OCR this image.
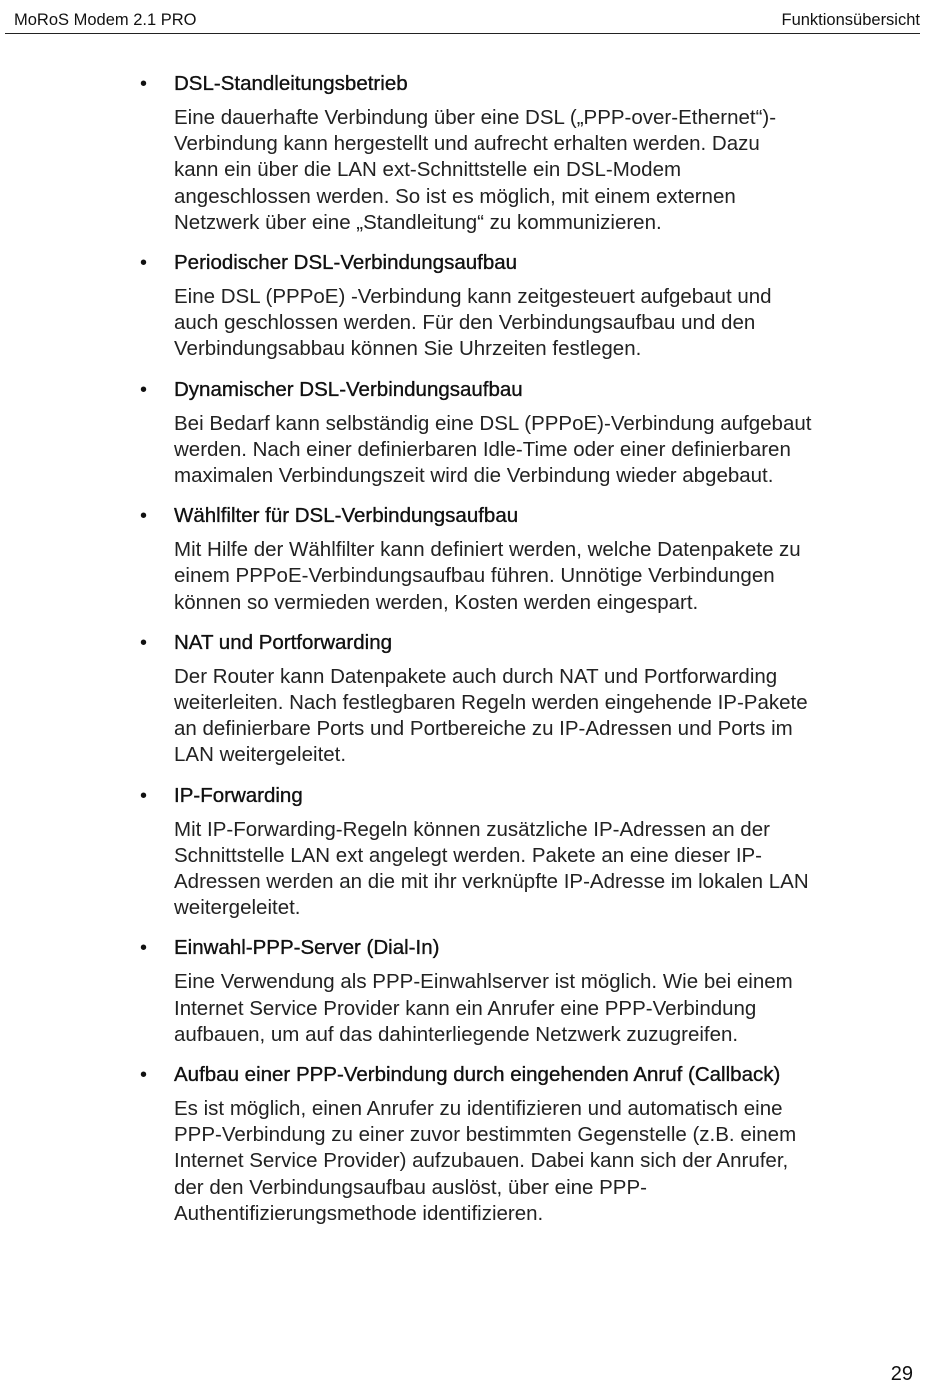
MoRoS Modem 2.1 PRO	Funktionsübersicht
• DSL-Standleitungsbetrieb
Eine dauerhafte Verbindung über eine DSL („PPP-over-Ethernet“)-
Verbindung kann hergestellt und aufrecht erhalten werden. Dazu
kann ein über die LAN ext-Schnittstelle ein DSL-Modem
angeschlossen werden. So ist es möglich, mit einem externen
Netzwerk über eine „Standleitung“ zu kommunizieren.
• Periodischer DSL-Verbindungsaufbau
Eine DSL (PPPoE) -Verbindung kann zeitgesteuert aufgebaut und
auch geschlossen werden. Für den Verbindungsaufbau und den
Verbindungsabbau können Sie Uhrzeiten festlegen.
• Dynamischer DSL-Verbindungsaufbau
Bei Bedarf kann selbständig eine DSL (PPPoE)-Verbindung aufgebaut
werden. Nach einer definierbaren Idle-Time oder einer definierbaren
maximalen Verbindungszeit wird die Verbindung wieder abgebaut.
• Wählfilter für DSL-Verbindungsaufbau
Mit Hilfe der Wählfilter kann definiert werden, welche Datenpakete zu
einem PPPoE-Verbindungsaufbau führen. Unnötige Verbindungen
können so vermieden werden, Kosten werden eingespart.
• NAT und Portforwarding
Der Router kann Datenpakete auch durch NAT und Portforwarding
weiterleiten. Nach festlegbaren Regeln werden eingehende IP-Pakete
an definierbare Ports und Portbereiche zu IP-Adressen und Ports im
LAN weitergeleitet.
• IP-Forwarding
Mit IP-Forwarding-Regeln können zusätzliche IP-Adressen an der
Schnittstelle LAN ext angelegt werden. Pakete an eine dieser IP-
Adressen werden an die mit ihr verknüpfte IP-Adresse im lokalen LAN
weitergeleitet.
• Einwahl-PPP-Server (Dial-In)
Eine Verwendung als PPP-Einwahlserver ist möglich. Wie bei einem
Internet Service Provider kann ein Anrufer eine PPP-Verbindung
aufbauen, um auf das dahinterliegende Netzwerk zuzugreifen.
• Aufbau einer PPP-Verbindung durch eingehenden Anruf (Callback)
Es ist möglich, einen Anrufer zu identifizieren und automatisch eine
PPP-Verbindung zu einer zuvor bestimmten Gegenstelle (z.B. einem
Internet Service Provider) aufzubauen. Dabei kann sich der Anrufer,
der den Verbindungsaufbau auslöst, über eine PPP-
Authentifizierungsmethode identifizieren.
29
